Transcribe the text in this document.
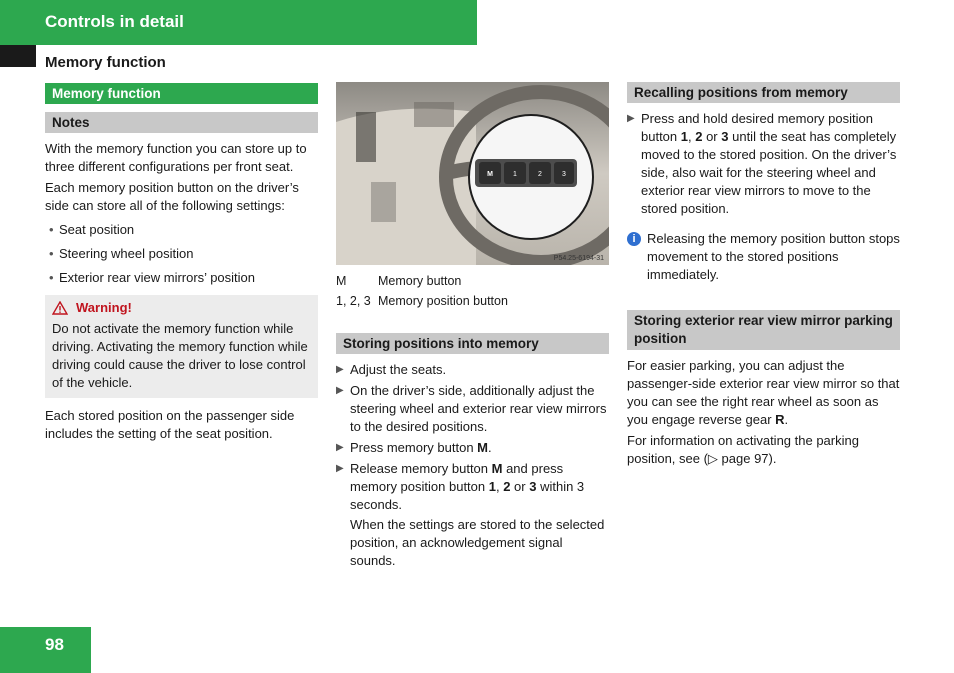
Controls in detail
Memory function
Memory function
Notes

With the memory function you can store up to three different configurations per front seat.

Each memory position button on the driver’s side can store all of the following settings:

• Seat position
• Steering wheel position
• Exterior rear view mirrors’ position
Warning!

Do not activate the memory function while driving. Activating the memory function while driving could cause the driver to lose control of the vehicle.

Each stored position on the passenger side includes the setting of the seat position.

M	1	2	3
P54.25-6194-31
M	Memory button
1, 2, 3 Memory position button
Storing positions into memory
▶ Adjust the seats.
▶ On the driver’s side, additionally adjust the steering wheel and exterior rear view mirrors to the desired positions.
▶ Press memory button M.
▶ Release memory button M and press memory position button 1, 2 or 3 within 3 seconds.

When the settings are stored to the selected position, an acknowledgement signal sounds.

Recalling positions from memory
▶ Press and hold desired memory position button 1, 2 or 3 until the seat has completely moved to the stored position. On the driver’s side, also wait for the steering wheel and exterior rear view mirrors to move to the stored position.
i Releasing the memory position button stops movement to the stored positions immediately.
Storing exterior rear view mirror parking position

For easier parking, you can adjust the passenger-side exterior rear view mirror so that you can see the right rear wheel as soon as you engage reverse gear R.

For information on activating the parking position, see (▷ page 97).

98
